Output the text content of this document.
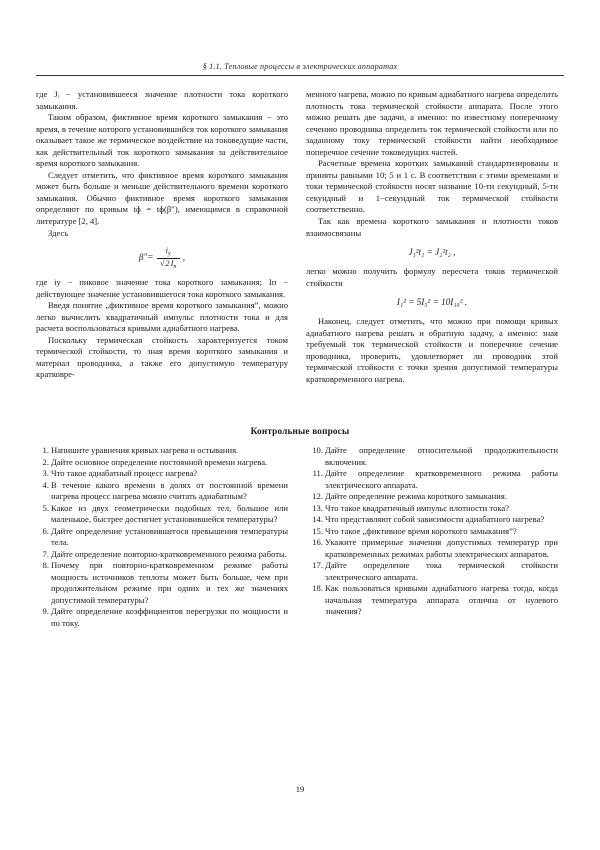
§ 1.1. Тепловые процессы в электрических аппаратах

где Jᵢ − установившееся значение плотности тока короткого замыкания.

Таким образом, фиктивное время короткого замыкания − это время, в течение которого установившийся ток короткого замыкания оказывает такое же термическое воздействие на токоведущие части, как действительный ток короткого замыкания за действительное время короткого замыкания.

Следует отметить, что фиктивное время короткого замыкания может быть больше и меньше действительного времени короткого замыкания. Обычно фиктивное время короткого замыкания определяют по кривым tɸ = tɸ(β″), имеющимся в справочной литературе [2, 4].

Здесь

$\beta''= \frac{i_у}{√2I_п}$ ,

где iу − пиковое значение тока короткого замыкания; Iп − действующее значение установившегося тока короткого замыкания.

Введя понятие „фиктивное время короткого замыкания”, можно легко вычислить квадратичный импульс плотности тока и для расчета воспользоваться кривыми адиабатного нагрева.

Поскольку термическая стойкость характеризуется током термической стойкости, то зная время короткого замыкания и материал проводника, а также его допустимую температуру кратковре-

менного нагрева, можно по кривым адиабатного нагрева определить плотность тока термической стойкости аппарата. После этого можно решать две задачи, а именно: по известному поперечному сечению проводника определить ток термической стойкости или по заданному току термической стойкости найти необходимое поперечное сечение токоведущих частей.

Расчетные времена коротких замыканий стандартизированы и приняты равными 10; 5 и 1 с. В соответствии с этими временами и токи термической стойкости носят название 10-ти секундный, 5-ти секундный и 1−секундный ток термической стойкости соответственно.

Так как времена короткого замыкания и плотности токов взаимосвязаны

J₁²t₁ = J₂²t₂ ,

легко можно получить формулу пересчета токов термической стойкости

I₁² = 5I₅² = 10I₁₀² .

Наконец, следует отметить, что можно при помощи кривых адиабатного нагрева решать и обратную задачу, а именно: зная требуемый ток термической стойкости и поперечное сечение проводника, проверить, удовлетворяет ли проводник этой термической стойкости с точки зрения допустимой температуры кратковременного нагрева.

Контрольные вопросы
1. Напишите уравнения кривых нагрева и остывания.
2. Дайте основное определение постоянной времени нагрева.
3. Что такое адиабатный процесс нагрева?
4. В течение какого времени в долях от постоянной времени нагрева процесс нагрева можно считать адиабатным?
5. Какое из двух геометрически подобных тел, большое или маленькое, быстрее достигнет установившейся температуры?
6. Дайте определение установившегося превышения температуры тела.
7. Дайте определение повторно-кратковременного режима работы.
8. Почему при повторно-кратковременном режиме работы мощность источников теплоты может быть больше, чем при продолжительном режиме при одних и тех же значениях допустимой температуры?
9. Дайте определение коэффициентов перегрузки по мощности и по току.
10. Дайте определение относительной продолжительности включения.
11. Дайте определение кратковременного режима работы электрического аппарата.
12. Дайте определение режима короткого замыкания.
13. Что такое квадратичный импульс плотности тока?
14. Что представляют собой зависимости адиабатного нагрева?
15. Что такое „фиктивное время короткого замыкания”?
16. Укажите примерные значения допустимых температур при кратковременных режимах работы электрических аппаратов.
17. Дайте определение тока термической стойкости электрического аппарата.
18. Как пользоваться кривыми адиабатного нагрева тогда, когда начальная температура аппарата отлична от нулевого значения?
19
